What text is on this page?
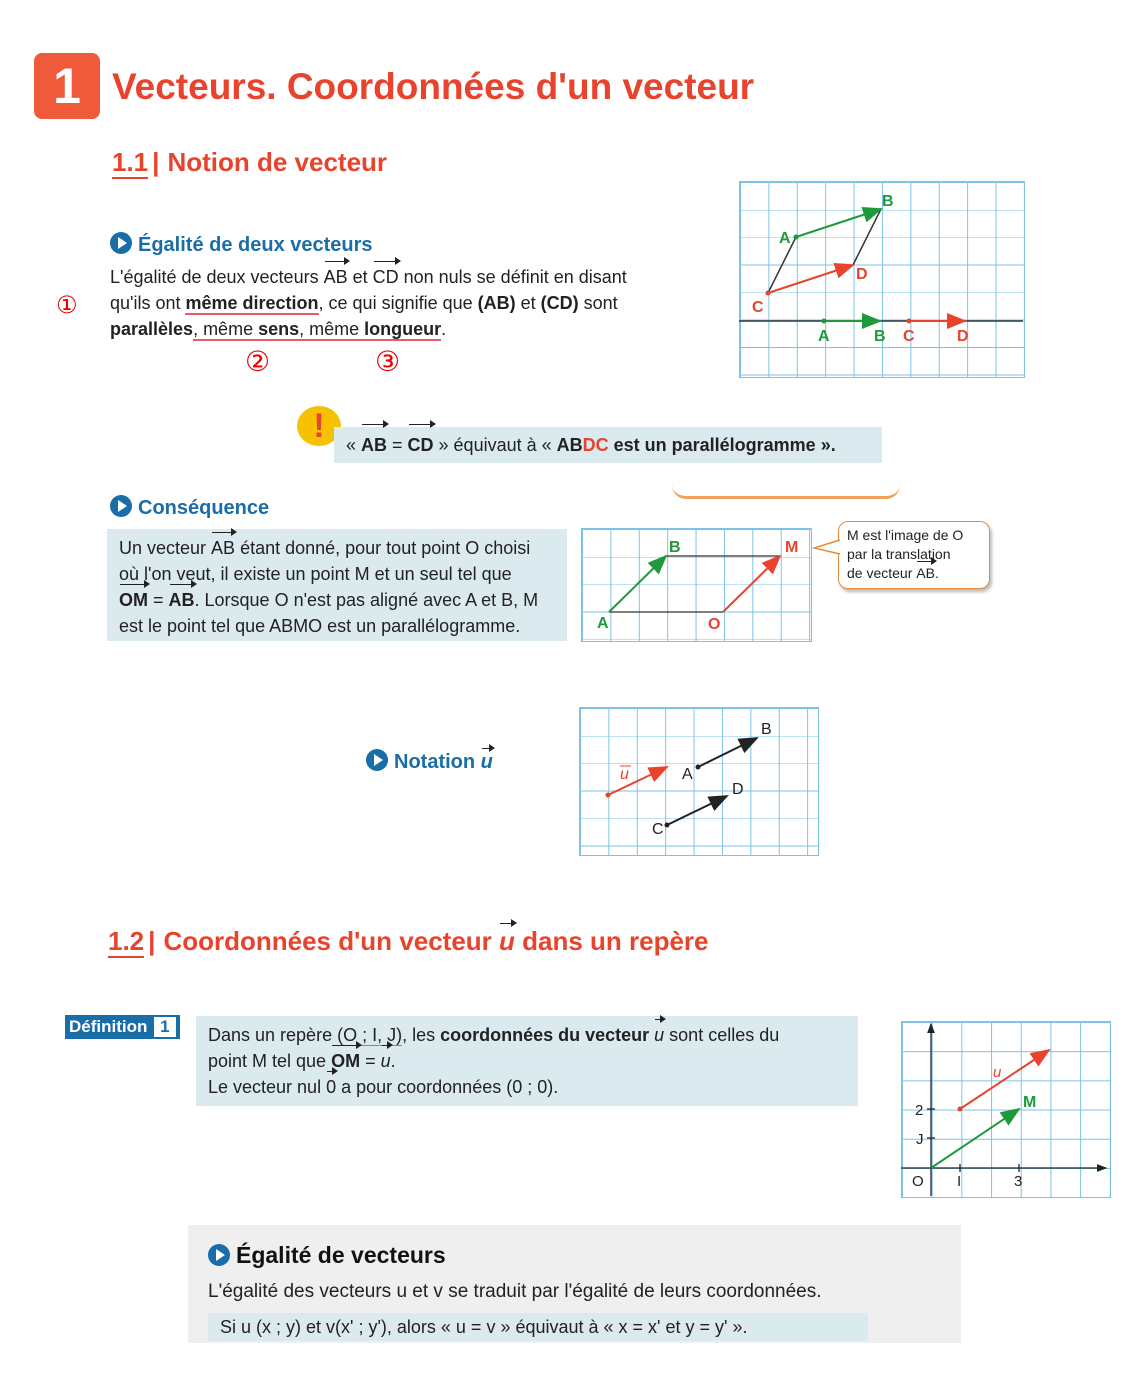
1 Vecteurs. Coordonnées d'un vecteur
1.1 | Notion de vecteur
Égalité de deux vecteurs
L'égalité de deux vecteurs AB et CD non nuls se définit en disant
qu'ils ont même direction, ce qui signifie que (AB) et (CD) sont
parallèles, même sens, même longueur.
①
②	③
A
B
C
D
A	B C	D
!	« AB = CD » équivaut à « ABDC est un parallélogramme ».
Conséquence
Un vecteur AB étant donné, pour tout point O choisi
où l'on veut, il existe un point M et un seul tel que
OM = AB. Lorsque O n'est pas aligné avec A et B, M
est le point tel que ABMO est un parallélogramme.	A
B	M
O
M est l'image de O
par la translation
de vecteur AB.
Notation u
u	A
B
C
D
1.2 | Coordonnées d'un vecteur u dans un repère
Définition 1	Dans un repère (O ; I, J), les coordonnées du vecteur u sont celles du
point M tel que OM = u.
Le vecteur nul 0 a pour coordonnées (0 ; 0).
u
M
2
J
O I	3
Égalité de vecteurs
L'égalité des vecteurs u et v se traduit par l'égalité de leurs coordonnées.
Si u (x ; y) et v(x' ; y'), alors « u = v » équivaut à « x = x' et y = y' ».
